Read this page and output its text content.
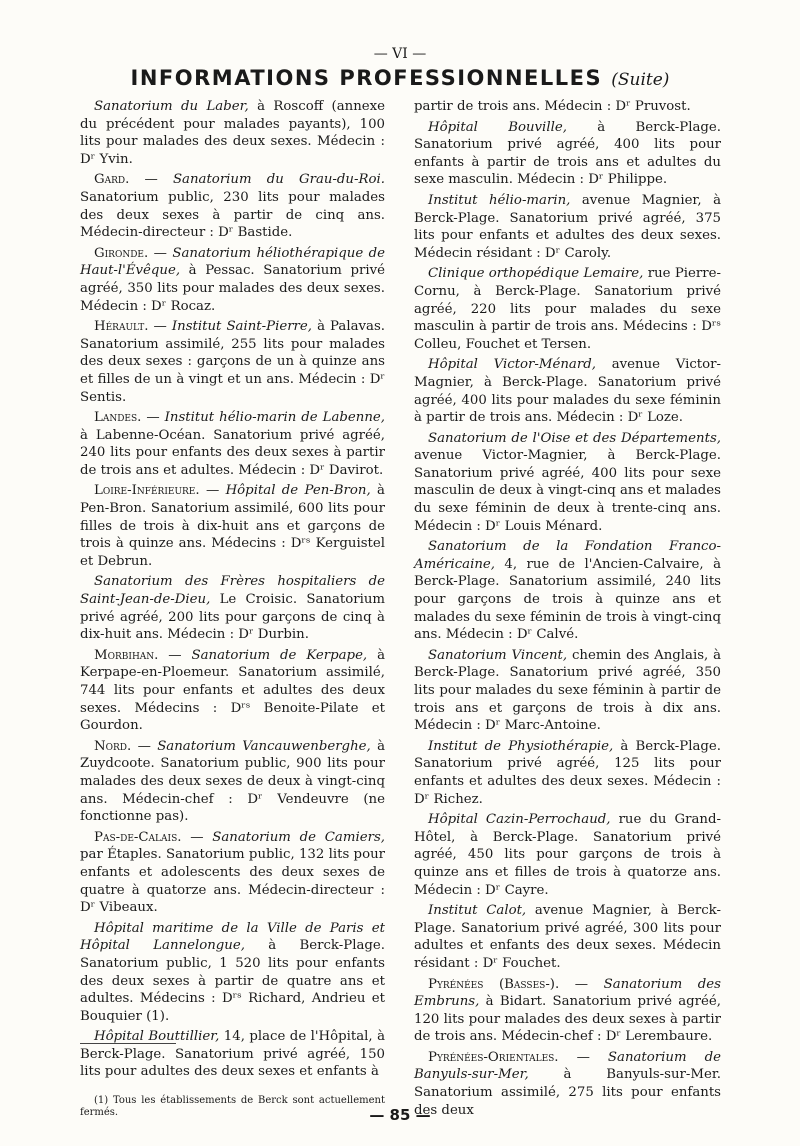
— VI —
INFORMATIONS PROFESSIONNELLES (Suite)

Sanatorium du Laber, à Roscoff (annexe du précédent pour malades payants), 100 lits pour malades des deux sexes. Médecin : Dʳ Yvin.

Gard. — Sanatorium du Grau-du-Roi. Sanatorium public, 230 lits pour malades des deux sexes à partir de cinq ans. Médecin-directeur : Dʳ Bastide.

Gironde. — Sanatorium héliothérapique de Haut-l'Évêque, à Pessac. Sanatorium privé agréé, 350 lits pour malades des deux sexes. Médecin : Dʳ Rocaz.

Hérault. — Institut Saint-Pierre, à Palavas. Sanatorium assimilé, 255 lits pour malades des deux sexes : garçons de un à quinze ans et filles de un à vingt et un ans. Médecin : Dʳ Sentis.

Landes. — Institut hélio-marin de Labenne, à Labenne-Océan. Sanatorium privé agréé, 240 lits pour enfants des deux sexes à partir de trois ans et adultes. Médecin : Dʳ Davirot.

Loire-Inférieure. — Hôpital de Pen-Bron, à Pen-Bron. Sanatorium assimilé, 600 lits pour filles de trois à dix-huit ans et garçons de trois à quinze ans. Médecins : Dʳˢ Kerguistel et Debrun.

Sanatorium des Frères hospitaliers de Saint-Jean-de-Dieu, Le Croisic. Sanatorium privé agréé, 200 lits pour garçons de cinq à dix-huit ans. Médecin : Dʳ Durbin.

Morbihan. — Sanatorium de Kerpape, à Kerpape-en-Ploemeur. Sanatorium assimilé, 744 lits pour enfants et adultes des deux sexes. Médecins : Dʳˢ Benoite-Pilate et Gourdon.

Nord. — Sanatorium Vancauwenberghe, à Zuydcoote. Sanatorium public, 900 lits pour malades des deux sexes de deux à vingt-cinq ans. Médecin-chef : Dʳ Vendeuvre (ne fonctionne pas).

Pas-de-Calais. — Sanatorium de Camiers, par Étaples. Sanatorium public, 132 lits pour enfants et adolescents des deux sexes de quatre à quatorze ans. Médecin-directeur : Dʳ Vibeaux.

Hôpital maritime de la Ville de Paris et Hôpital Lannelongue, à Berck-Plage. Sanatorium public, 1 520 lits pour enfants des deux sexes à partir de quatre ans et adultes. Médecins : Dʳˢ Richard, Andrieu et Bouquier (1).

Hôpital Bouttillier, 14, place de l'Hôpital, à Berck-Plage. Sanatorium privé agréé, 150 lits pour adultes des deux sexes et enfants à

(1) Tous les établissements de Berck sont actuellement fermés.

partir de trois ans. Médecin : Dʳ Pruvost.

Hôpital Bouville, à Berck-Plage. Sanatorium privé agréé, 400 lits pour enfants à partir de trois ans et adultes du sexe masculin. Médecin : Dʳ Philippe.

Institut hélio-marin, avenue Magnier, à Berck-Plage. Sanatorium privé agréé, 375 lits pour enfants et adultes des deux sexes. Médecin résidant : Dʳ Caroly.

Clinique orthopédique Lemaire, rue Pierre-Cornu, à Berck-Plage. Sanatorium privé agréé, 220 lits pour malades du sexe masculin à partir de trois ans. Médecins : Dʳˢ Colleu, Fouchet et Tersen.

Hôpital Victor-Ménard, avenue Victor-Magnier, à Berck-Plage. Sanatorium privé agréé, 400 lits pour malades du sexe féminin à partir de trois ans. Médecin : Dʳ Loze.

Sanatorium de l'Oise et des Départements, avenue Victor-Magnier, à Berck-Plage. Sanatorium privé agréé, 400 lits pour sexe masculin de deux à vingt-cinq ans et malades du sexe féminin de deux à trente-cinq ans. Médecin : Dʳ Louis Ménard.

Sanatorium de la Fondation Franco-Américaine, 4, rue de l'Ancien-Calvaire, à Berck-Plage. Sanatorium assimilé, 240 lits pour garçons de trois à quinze ans et malades du sexe féminin de trois à vingt-cinq ans. Médecin : Dʳ Calvé.

Sanatorium Vincent, chemin des Anglais, à Berck-Plage. Sanatorium privé agréé, 350 lits pour malades du sexe féminin à partir de trois ans et garçons de trois à dix ans. Médecin : Dʳ Marc-Antoine.

Institut de Physiothérapie, à Berck-Plage. Sanatorium privé agréé, 125 lits pour enfants et adultes des deux sexes. Médecin : Dʳ Richez.

Hôpital Cazin-Perrochaud, rue du Grand-Hôtel, à Berck-Plage. Sanatorium privé agréé, 450 lits pour garçons de trois à quinze ans et filles de trois à quatorze ans. Médecin : Dʳ Cayre.

Institut Calot, avenue Magnier, à Berck-Plage. Sanatorium privé agréé, 300 lits pour adultes et enfants des deux sexes. Médecin résidant : Dʳ Fouchet.

Pyrénées (Basses-). — Sanatorium des Embruns, à Bidart. Sanatorium privé agréé, 120 lits pour malades des deux sexes à partir de trois ans. Médecin-chef : Dʳ Lerembaure.

Pyrénées-Orientales. — Sanatorium de Banyuls-sur-Mer, à Banyuls-sur-Mer. Sanatorium assimilé, 275 lits pour enfants des deux

— 85 —
